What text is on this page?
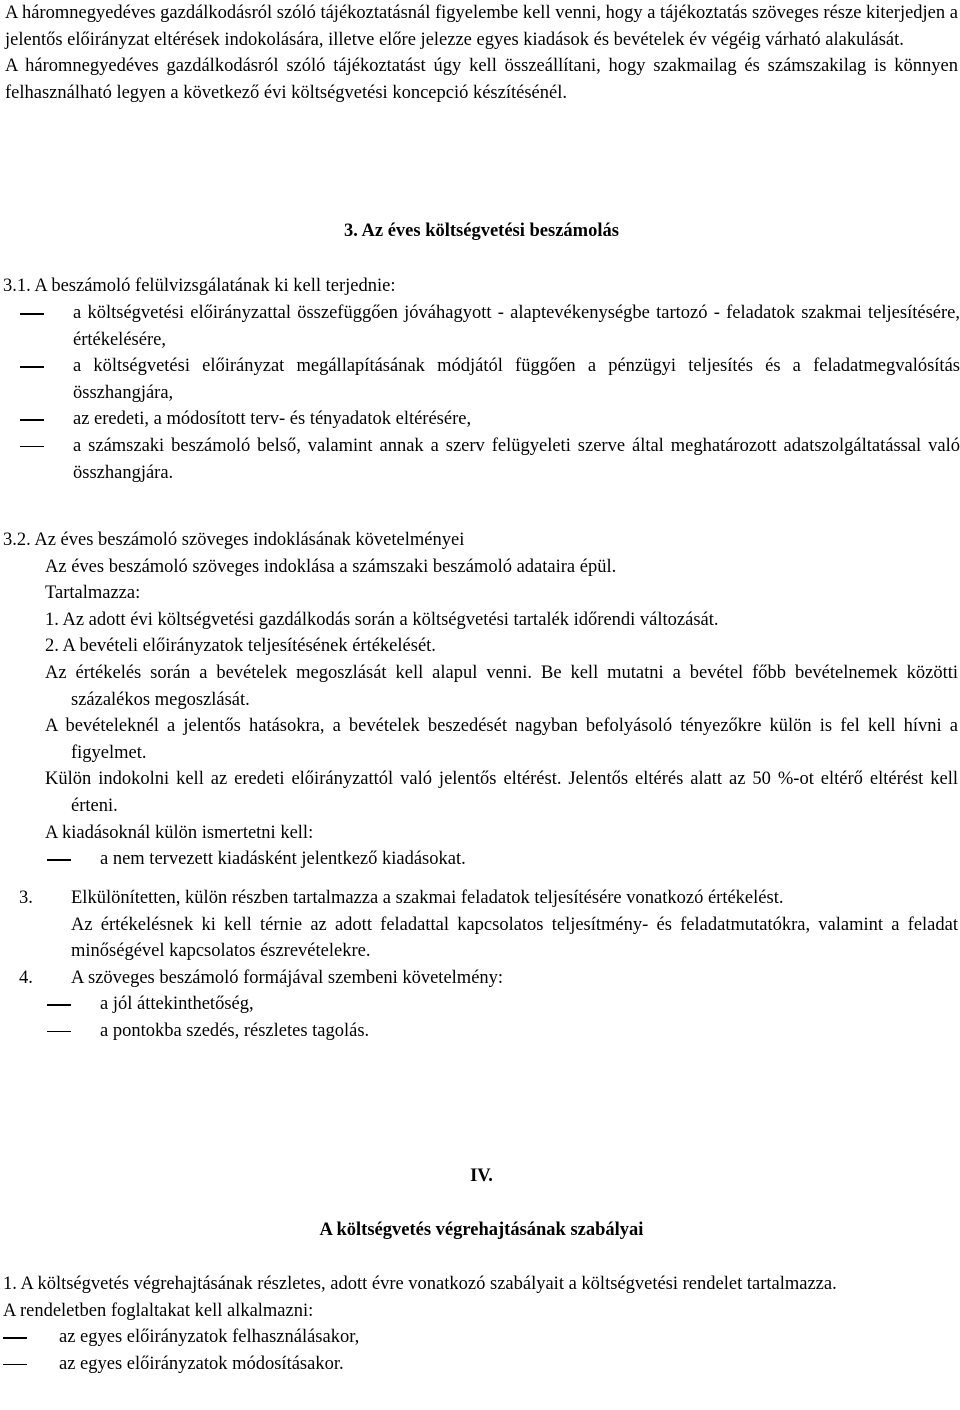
A háromnegyedéves gazdálkodásról szóló tájékoztatásnál figyelembe kell venni, hogy a tájékoztatás szöveges része kiterjedjen a jelentős előirányzat eltérések indokolására, illetve előre jelezze egyes kiadások és bevételek év végéig várható alakulását.

A háromnegyedéves gazdálkodásról szóló tájékoztatást úgy kell összeállítani, hogy szakmailag és számszakilag is könnyen felhasználható legyen a következő évi költségvetési koncepció készítésénél.

3. Az éves költségvetési beszámolás

3.1. A beszámoló felülvizsgálatának ki kell terjednie:

a költségvetési előirányzattal összefüggően jóváhagyott - alaptevékenységbe tartozó - feladatok szakmai teljesítésére, értékelésére,

a költségvetési előirányzat megállapításának módjától függően a pénzügyi teljesítés és a feladatmegvalósítás összhangjára,

az eredeti, a módosított terv- és tényadatok eltérésére,

a számszaki beszámoló belső, valamint annak a szerv felügyeleti szerve által meghatározott adatszolgáltatással való összhangjára.

3.2. Az éves beszámoló szöveges indoklásának követelményei

Az éves beszámoló szöveges indoklása a számszaki beszámoló adataira épül.

Tartalmazza:

1. Az adott évi költségvetési gazdálkodás során a költségvetési tartalék időrendi változását.

2. A bevételi előirányzatok teljesítésének értékelését.

Az értékelés során a bevételek megoszlását kell alapul venni. Be kell mutatni a bevétel főbb bevételnemek közötti százalékos megoszlását.

A bevételeknél a jelentős hatásokra, a bevételek beszedését nagyban befolyásoló tényezőkre külön is fel kell hívni a figyelmet.

Külön indokolni kell az eredeti előirányzattól való jelentős eltérést. Jelentős eltérés alatt az 50 %-ot eltérő eltérést kell érteni.

A kiadásoknál külön ismertetni kell:

a nem tervezett kiadásként jelentkező kiadásokat.

3. Elkülönítetten, külön részben tartalmazza a szakmai feladatok teljesítésére vonatkozó értékelést.

Az értékelésnek ki kell térnie az adott feladattal kapcsolatos teljesítmény- és feladatmutatókra, valamint a feladat minőségével kapcsolatos észrevételekre.

4. A szöveges beszámoló formájával szembeni követelmény:

a jól áttekinthetőség,

a pontokba szedés, részletes tagolás.

IV.

A költségvetés végrehajtásának szabályai

1. A költségvetés végrehajtásának részletes, adott évre vonatkozó szabályait a költségvetési rendelet tartalmazza.

A rendeletben foglaltakat kell alkalmazni:

az egyes előirányzatok felhasználásakor,

az egyes előirányzatok módosításakor.
